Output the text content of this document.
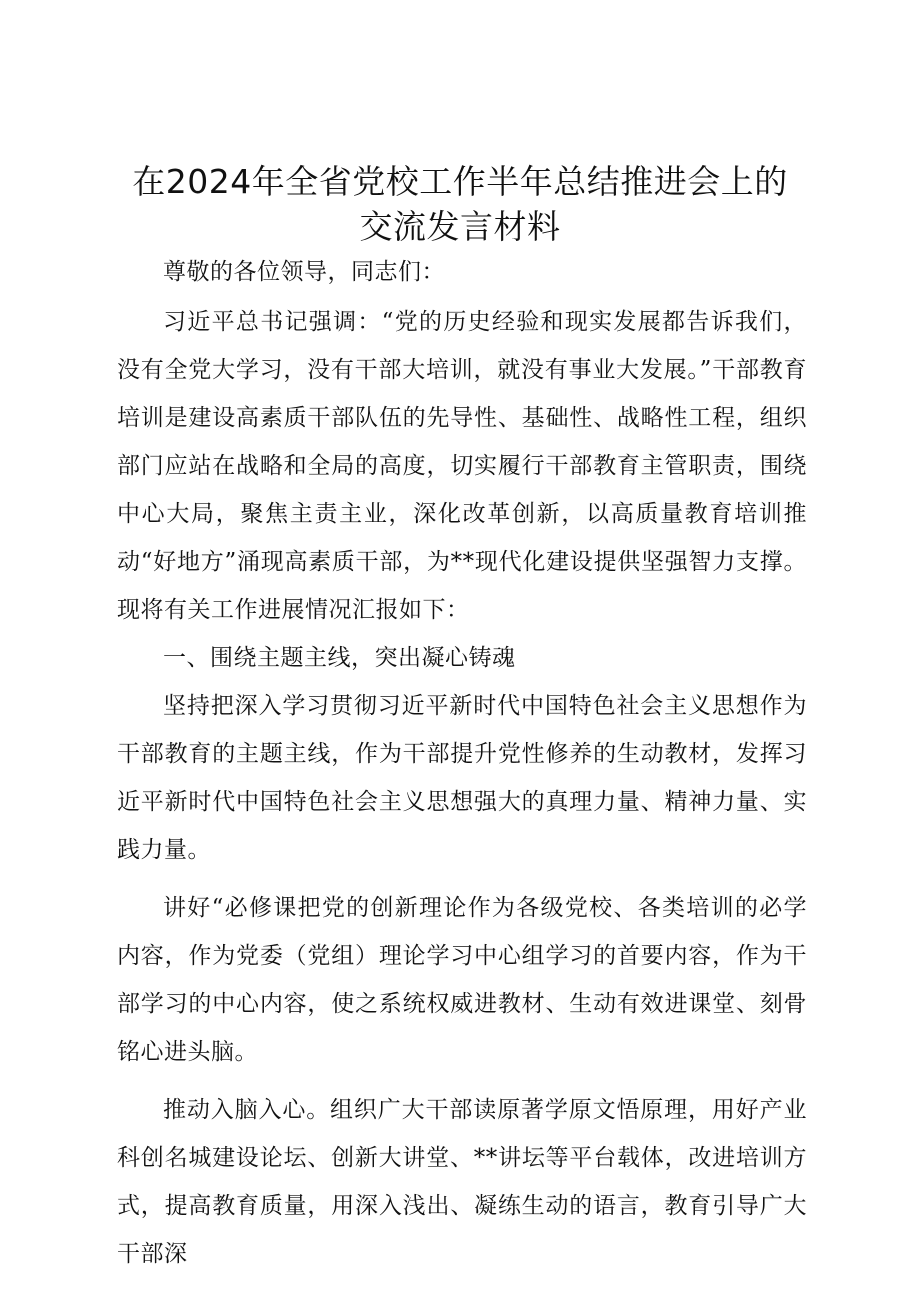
在2024年全省党校工作半年总结推进会上的
交流发言材料

尊敬的各位领导，同志们：

习近平总书记强调：“党的历史经验和现实发展都告诉我们，没有全党大学习，没有干部大培训，就没有事业大发展。”干部教育培训是建设高素质干部队伍的先导性、基础性、战略性工程，组织部门应站在战略和全局的高度，切实履行干部教育主管职责，围绕中心大局，聚焦主责主业，深化改革创新，以高质量教育培训推动“好地方”涌现高素质干部，为**现代化建设提供坚强智力支撑。现将有关工作进展情况汇报如下：

一、围绕主题主线，突出凝心铸魂

坚持把深入学习贯彻习近平新时代中国特色社会主义思想作为干部教育的主题主线，作为干部提升党性修养的生动教材，发挥习近平新时代中国特色社会主义思想强大的真理力量、精神力量、实践力量。

讲好“必修课把党的创新理论作为各级党校、各类培训的必学内容，作为党委（党组）理论学习中心组学习的首要内容，作为干部学习的中心内容，使之系统权威进教材、生动有效进课堂、刻骨铭心进头脑。

推动入脑入心。组织广大干部读原著学原文悟原理，用好产业科创名城建设论坛、创新大讲堂、**讲坛等平台载体，改进培训方式，提高教育质量，用深入浅出、凝练生动的语言，教育引导广大干部深
